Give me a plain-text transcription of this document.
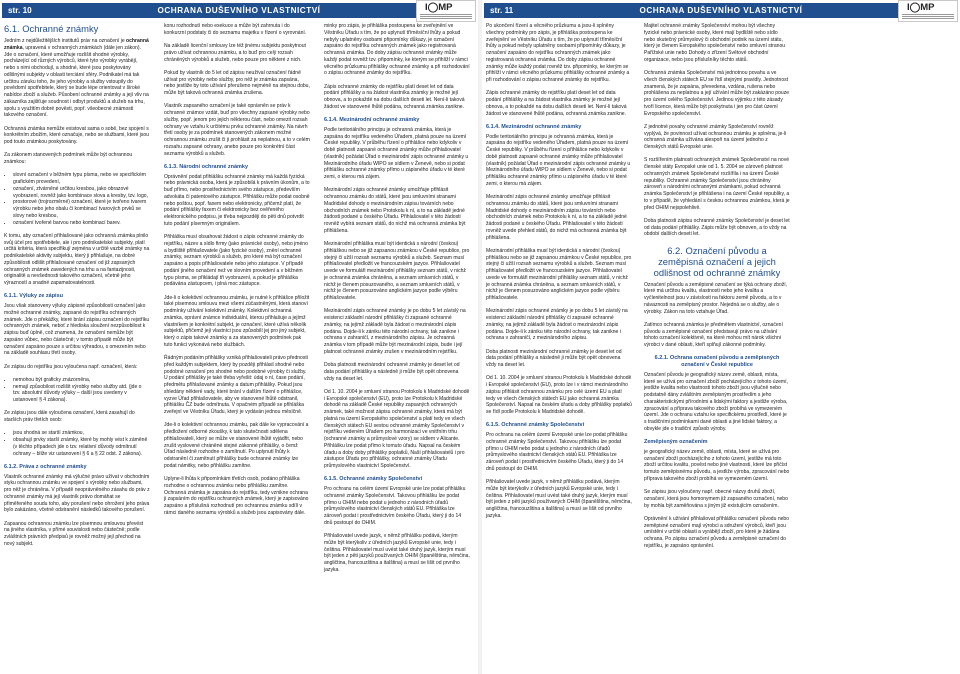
str. 10	OCHRANA DUŠEVNÍHO VLASTNICTVÍ	I◯MP
6.1. Ochranné známky

Jedním z nejdůležitějších institutů práv na označení je ochranná známka, upravená v ochranných známkách (dále jen zákon). Jde o označení, které umožňuje rozlišit shodné výrobky, pocházející od různých výrobců, které tyto výrobky vyrábějí, nebo s nimi obchodují, a shodné, které jsou poskytovány odlišnými subjekty v oblasti terciární sféry. Podnikatel má tak určitou záruku toho, že jeho výrobky a služby vstoupily do povědomí spotřebitele, který se bude lépe orientovat v široké nabídce zboží a služeb. Působení ochranné známky a její vliv na zákazníka zajišťuje soudnost i odbyt produktů a služeb na trhu, spolu s využitím dobré pověsti, popř. všeobecné známosti takového označení.

Ochranná známka nemůže existovat sama o sobě, bez spojení s konkrétním zbožím, které označuje, nebo se službami, které jsou pod touto známkou poskytovány.

Za zákonem stanovených podmínek může být ochrannou známkou:

• slovní označení v běžném typu písma, nebo ve specifickém grafickém provedení,
• označení, ztvárněné určitou kresbou, jako obrazové vyobrazení, rovněž jako kombinace slova a kresby, tzv. logo,
• prostorové (trojrozměrné) označení, které je tvořeno tvarem výrobku nebo jeho obalu či kombinací tvarových prvků se slovy nebo kresbou,
• označení tvořené barvou nebo kombinací barev.

K tomu, aby označení přihlašované jako ochranná známka plnilo svůj účel pro spotřebitele, ale i pro podnikatelské subjekty, platí určitá kritéria, která specifikují zejména v určitě vazbě známky na podnikatelské aktivity subjektu, který ji přihlašuje, na dobré způsobilosti odlišit přihlašované označení od již zapsaných ochranných známek zavedených na trhu a na fantazijnosti, originalitě a nevšednosti takového označení, včetně jeho výrazností a snadné zapamatovatelnosti.

6.1.1. Výluky ze zápisu

Jsou však stanoveny výluky zápisné způsobilosti označení jako možné ochranné známky, zapsané do rejstříku ochranných známek. Jde o překážky, které brání zápisu označení do rejstříku ochranných známek, neboť z hlediska sloužení nezpůsobilost k zápisu buď úplně, což znamená, že označení nemůže být zapsáno vůbec, nebo částečně; v tomto případě může být označení zapsáno pouze s určitou výhradou, s omezením nebo na základě souhlasu třetí osoby.

Ze zápisu do rejstříku jsou vyloučena např. označení, která:

• nemohou být graficky znázorněna,
• nemají způsobilost rozlišit výrobky nebo služby atd. (jde o tzv. absolutní důvody výluky – další jsou uvedeny v ustanovení § 4 zákona).

Ze zápisu jsou dále vyloučena označení, která zasahují do starších práv třetích osob:

• jsou shodná se starší známkou,
• obsahují prvky starší známky, které by mohly vést k záměně (v těchto případech jde o tzv. relativní důvody odmítnutí ochrany – blíže viz ustanovení § 6 a § 22 odst. 2 zákona).
6.1.2. Práva z ochranné známky

Vlastník ochranné známky má výlučné právo užívat v obchodním styku ochrannou známku ve spojení s výrobky nebo službami, pro něž je chráněna. V případě neoprávněného zásahu do práv z ochranné známky má její vlastník právo domáhat se přiměřeného soudu toho, aby porušení nebo ohrožení jeho práva bylo zakázáno, včetně odstranění následků takového porušení.

Zapsanou ochrannou známku lze písemnou smlouvou převést na jiného vlastníka, v přímé souvislosti nebo částečně; podle zvláštních právních předpisů je rovněž možný její přechod na nový subjekt.

konu rozhodnutí nebo exekuce a může být zahrnuta i do konkurzní podstaty či do seznamu majetku v řízení o vyrovnání.

Na základě licenční smlouvy lze též jinému subjektu poskytnout právo užívat ochrannou známku, a to buď pro celý rozsah chráněných výrobků a služeb, nebo pouze pro některé z nich.

Pokud by vlastník do 5 let od zápisu neužíval označení řádně užívat pro výrobky nebo služby, pro něž je známka zapsána, nebo jestliže by toto užívání přerušeno nejméně na stejnou dobu, může být taková ochranná známka zrušena.

Vlastník zapsaného označení je také oprávněn se práv k ochranné známce vzdát, buď pro všechny zapsané výrobky nebo služby, popř. jenom pro jejich některou část, nebo omezit rozsah ochrany ve vztahu k určitému prvku ochranné známky. Na návrh třetí osoby je za podmínek stanovených zákonem možné ochrannou známku zrušit či ji prohlásit za neplatnou, a to v celém rozsahu zapsané ochrany, anebo pouze pro konkrétní část seznamu výrobků a služeb.

6.1.3. Národní ochranné známky

Oprávnění podat přihlášku ochranné známky má každá fyzická nebo právnická osoba, která je způsobilá k právním úkonům, a to buď přímo, nebo prostřednictvím svého zástupce, především advokáta či patentového zástupce. Přihlášku může podat osobně nebo poštou, popř. faxem nebo elektronicky, přičemž platí, že podání přihlášky faxem či elektronicky bez ověřeného elektronického podpisu, je třeba nejpozději do pěti dnů potvrdit tuto podání písemným originálem.

Přihláška musí obsahovat žádost o zápis ochranné známky do rejstříku, název a sídlo firmy (jako právnické osoby), nebo jméno a bydliště přihlašovatele (jako fyzické osoby), znění ochranné známky, seznam výrobků a služeb, pro které má být označení zapsáno a popis přihlašovatele nebo jeho zástupce. V případě podání jiného označení než ve slovním provedení a v běžném typu písma, se přikládají tři vyobrazení, a pokud je přihláška podávána zástupcem, i plná moc zástupce.

Jde-li o kolektivní ochrannou známku, je nutné k přihlášce přiložit také písemnou smlouvu mezi všemi zúčastněnými, která stanoví podmínky užívání kolektivní známky. Kolektivní ochranná známka, oprávní známce individuální, kterou přihlašuje a jejímž vlastníkem je konkrétní subjekt, je označení, které užívá několik subjektů, přičemž její vlastníci jsou způsobilí jej pro jiný subjekt, který o zápis takové známky a za stanovených podmínek pak tuto funkci vykonává nebo službách.

Řádným podáním přihlášky vzniká přihlašovateli právo přednosti před každým subjektem, který by později přihlásil shodné nebo podobné označení pro shodné nebo podobné výrobky či služby. U podání přihlášky je také třeba vyřešit: údaj o ní, čase podání, předmětu přihlašované známky a datum přihlášky. Pokud jsou shledány některé vady, které brání v dalším řízení o přihlášce, vyzve Úřad přihlašovatele, aby ve stanovené lhůtě odstranil, přihlášku ČZ bude odmítnuta. V opačném případě se přihláška zveřejní ve Věstníku Úřadu, který je vydáván jednou měsíčně.

Jde-li o kolektivní ochrannou známku, pak dále ke vypracování a předložení odborné zkoušky, k tato skutečnosti sdělena přihlašovateli, který se může ve stanovené lhůtě vyjádřit, nebo zrušit vyslovené chráněné stejné zákonné přihlášky, o čemž Úřad následně rozhodne o zamítnutí. Po uplynutí lhůty k odstranění či zamítnutí přihlášky bude ochranné známky lze podat námitky, nebo přihlášku zamítne.

Uplyne-li lhůta k připomínkám třetích osob, podáno přihláška rozhodne o ochrannou známku nebo přihlášku zamítne. Ochranná známka je zapsána do rejstříku, tedy vznikne ochrana ji zapsáním do rejstříku ochranných známek, který je zapisováno zapsáno a příslušná rozhodnutí pro ochrannou známku sdílí v rámci daného seznamu výrobků a služeb jsou zapisovány dále.

minky pro zápis, je přihláška postoupena ke zveřejnění ve Věstníku Úřadu s tím, že po uplynutí tříměsíční lhůty a pokud nebyly uplatněny osobami připomínky důkazy, je označení zapsáno do rejstříku ochranných známek jako registrovaná ochranná známka. Do doby zápisu ochranné známky může každý podat rovněž tzv. připomínky, ke kterým se přihlíží v rámci věcného průzkumu přihlášky ochranné známky a při rozhodování o zápisu ochranné známky do rejstříku.

Zápis ochranné známky do rejstříku platí deset let od data podání přihlášky a na žádost vlastníka známky je možné její obnova, a to pokaždé na dobu dalších deseti let. Není-li taková žádost ve stanovené lhůtě podána, ochranná známka zanikne.

6.1.4. Mezinárodní ochranné známky

Podle teritoriálního principu je ochranná známka, která je zapsána do rejstříku vedeného Úřadem, platná pouze na území České republiky. V průběhu řízení o přihlášce nebo kdykoliv v době platnosti zapsané ochranné známky může přihlašovatel (vlastník) požádat Úřad o mezinárodní zápis ochranné známky u Mezinárodního úřadu WIPO se sídlem v Ženevě, nebo si podat přihlášku ochranné známky přímo u zápisného úřadu v té které zemi, o kterou má zájem.

Mezinárodní zápis ochranné známky umožňuje přihlásit ochrannou známku do států, které jsou smluvními stranami Madridské dohody o mezinárodním zápisu továrních nebo obchodních známek nebo Protokolu k ní, a to na základě jedné žádosti podané u českého Úřadu. Přihlašovatel v této žádosti rovněž vybírá seznam států, do nichž má ochranná známka být přihlášena.

Mezinárodní přihláška musí být identická s národní (českou) přihláškou nebo se již zapsanou známkou v České republice, pro stejný či užší rozsah seznamu výrobků a služeb. Seznam musí přihlašovatel předložit ve francouzském jazyce. Přihlašovatel uvede ve formuláři mezinárodní přihlášky seznam států, v nichž je ochranná známka chráněna, a seznam smluvních států, v nichž je členem posuzovaného, a seznam smluvních států, v nichž je členem posuzováno anglickém jazyce podle výběru přihlašovatele.

Mezinárodní zápis ochranné známky je po dobu 5 let závislý na existenci základní národní přihlášky či zapsané ochranné známky, na jejímž základě byla žádost o mezinárodní zápis podána. Dojde-li k zániku této národní ochrany, tak zanikne i ochrana v zahraničí, z mezinárodního zápisu. Je ochranná známka v tom případě může být mezinárodní zápis, bude i její platnost ochranné známky zrušen v mezinárodním rejstříku.

Doba platnosti mezinárodní ochranné známky je deset let od data podání přihlášky a následně ji může být opět obnovena vždy na deset let.

Od 1. 10. 2004 je smluvní stranou Protokolu k Madridské dohodě i Evropské společenství (EU), proto lze Protokolu k Madridské dohodě na základě České republiky zapsaných ochranných známek, také možnost zápisu ochranné známky, která má být platná na území Evropského společenství a platí tedy ve všech členských státech EU sestou ochranné známky Společenství v rejstříku vedeném Úřadem pro harmonizaci ve vnitřním trhu (ochranné známky a průmyslové vzory) se sídlem v Alicante. Přihlášku lze podat přímo k tomuto úřadu. Napsal na českém úřadu a doby doby přihlášky poplatků, Naší přihlašovatelů i pro zástupce Úřadu pro přihlášky, ochranné známky Úřadu průmyslového vlastnictví Společenství.

6.1.5. Ochranné známky Společenství

Pro ochranu na celém území Evropské unie lze podat přihlášku ochranné známky Společenství. Takovou přihlášku lze podat přímo u OHIM nebo podat u jednoho z národních úřadů průmyslového vlastnictví členských států EU. Přihláška lze zároveň podat i prostřednictvím českého Úřadu, který ji do 14 dnů postoupí do OHIM.

Přihlašovatel uvede jazyk, v němž přihlášku podává, kterým může být kterýkoliv z úředních jazyků Evropské unie, tedy i čeština. Přihlašovatel musí uvést také druhý jazyk, kterým musí být jeden z pěti jazyků používaných OHIM (španělština, němčina, angličtina, francouzština a italština) a musí se lišit od prvního jazyka.

str. 11	OCHRANA DUŠEVNÍHO VLASTNICTVÍ	I◯MP

Po ukončení řízení a věcného průzkumu a jsou-li splněny všechny podmínky pro zápis, je přihláška postoupena ke zveřejnění ve Věstníku Úřadu s tím, že po uplynutí tříměsíční lhůty a pokud nebyly uplatněny osobami připomínky důkazy, je označení zapsáno do rejstříku ochranných známek jako registrovaná ochranná známka. Do doby zápisu ochranné známky může každý podat rovněž tzv. připomínky, ke kterým se přihlíží v rámci věcného průzkumu přihlášky ochranné známky a při rozhodování o zápisu ochranné známky do rejstříku.

Zápis ochranné známky do rejstříku platí deset let od data podání přihlášky a na žádost vlastníka známky je možné její obnova, a to pokaždé na dobu dalších deseti let. Není-li taková žádost ve stanovené lhůtě podána, ochranná známka zanikne.

6.1.4. Mezinárodní ochranné známky

Podle teritoriálního principu je ochranná známka, která je zapsána do rejstříku vedeného Úřadem, platná pouze na území České republiky. V průběhu řízení o přihlášce nebo kdykoliv v době platnosti zapsané ochranné známky může přihlašovatel (vlastník) požádat Úřad o mezinárodní zápis ochranné známky u Mezinárodního úřadu WIPO se sídlem v Ženevě, nebo si podat přihlášku ochranné známky přímo u zápisného úřadu v té které zemi, o kterou má zájem.

Mezinárodní zápis ochranné známky umožňuje přihlásit ochrannou známku do států, které jsou smluvními stranami Madridské dohody o mezinárodním zápisu továrních nebo obchodních známek nebo Protokolu k ní, a to na základě jedné žádosti podané u českého Úřadu. Přihlašovatel v této žádosti rovněž uvede přehled států, do nichž má ochranná známka být přihlášena.

Mezinárodní přihláška musí být identická s národní (českou) přihláškou nebo se již zapsanou známkou v České republice, pro stejný či užší rozsah seznamu výrobků a služeb. Seznam musí přihlašovatel předložit ve francouzském jazyce. Přihlašovatel uvede ve formuláři mezinárodní přihlášky seznam států, v nichž je ochranná známka chráněna, a seznam smluvních států, v nichž je členem posuzováno anglickém jazyce podle výběru přihlašovatele.

Mezinárodní zápis ochranné známky je po dobu 5 let závislý na existenci základní národní přihlášky či zapsané ochranné známky, na jejímž základě byla žádost o mezinárodní zápis podána. Dojde-li k zániku této národní ochrany, tak zanikne i ochrana v zahraničí, z mezinárodního zápisu.

Doba platnosti mezinárodní ochranné známky je deset let od data podání přihlášky a následně ji může být opět obnovena vždy na deset let.

Od 1. 10. 2004 je smluvní stranou Protokolu k Madridské dohodě i Evropské společenství (EU), proto lze i v rámci mezinárodního zápisu přihlásit ochrannou známku pro celé území EU a platí tedy ve všech členských státech EU jako ochranná známka Společenství. Napsal na českém úřadu a doby přihlášky poplatků se řídí podle Protokolu k Madridské dohodě.

6.1.5. Ochranné známky Společenství

Pro ochranu na celém území Evropské unie lze podat přihlášku ochranné známky Společenství. Takovou přihlášku lze podat přímo u OHIM nebo podat u jednoho z národních úřadů průmyslového vlastnictví členských států EU. Přihláška lze zároveň podat i prostřednictvím českého Úřadu, který ji do 14 dnů postoupí do OHIM.

Přihlašovatel uvede jazyk, v němž přihlášku podává, kterým může být kterýkoliv z úředních jazyků Evropské unie, tedy i čeština. Přihlašovatel musí uvést také druhý jazyk, kterým musí být jeden z pěti jazyků používaných OHIM (španělština, němčina, angličtina, francouzština a italština) a musí se lišit od prvního jazyka.

Majitel ochranné známky Společenství mohou být všechny fyzické nebo právnické osoby, které mají bydliště nebo sídlo nebo skutečný průmyslový či obchodní podnik na území státu, který je členem Evropského společenství nebo smluvní stranou Pařížské unie nebo Dohody o zřízení Světové obchodní organizace, nebo jsou příslušníky těchto států.

Ochranná známka Společenství má jednotnou povahu a ve všech členských státech EU se řídí stejnými pravidly. Jednotnost znamená, že je zapsána, převedena, vzdána, rušena nebo prohlášena za neplatnou a její užívání může být zakázáno pouze pro území celého Společenství. Jedinou výjimku z této zásady tvoří licence, která může být poskytnuta i jen pro část území Evropského společenství.

Z jednotné povahy ochranné známky Společenství rovněž vyplývá, že povinnost užívat ochrannou známku je splněna, je-li ochranná známka užívána alespoň na území jednoho z členských států Evropské unie.

S rozšířením platnosti ochranných známek Společenství na nové členské státy Evropské unie od 1. 5. 2004 se zároveň platnost ochranných známek Společenství rozšířila i na území České republiky. Ochranné známky Společenství jsou chráněny zároveň s národními ochrannými známkami, pokud ochranná známka Společenství je přihlášena i na území České republiky, a to v případě, že vyhledání s českou ochrannou známkou, která je před OHIM nejspolehlivě.

Doba platnosti zápisu ochranné známky Společenství je deset let od data podání přihlášky. Zápis může být obnoven, a to vždy na období dalších deseti let.

6.2. Označení původu a zeměpisná označení a jejich odlišnost od ochranné známky

Označení původu a zeměpisné označení se týká ochrany zboží, které má určitou kvalitu, vlastnosti nebo jeho kvalita a vyčlenitelnost jsou v závislosti na faktoru země původu, a to v návaznosti na zeměpisný prostor. Nejedná se o služby, ale o výrobky. Zákon na toto vztahuje Úřad.

Zatímco ochranná známka je předmětem vlastnictví, označení původu a zeměpisné označení představují právo na užívání tohoto označení kolektivně, na které mohou mít nárok všichni výrobci v dané oblasti, kteří splňují zákonné podmínky.

6.2.1. Ochrana označení původu a zeměpisných označení v České republice

Označení původu je geografický název země, oblasti, místa, které se užívá pro označení zboží pocházejícího z tohoto území, jestliže kvalita nebo vlastnosti tohoto zboží jsou výlučně nebo podstatně dány zvláštním zeměpisným prostředím s jeho charakteristickými přírodními a lidskými faktory a jestliže výroba, zpracování a příprava takového zboží probíhá ve vymezeném území. Jde o ochranu vztahu ke specifickému prostředí, které je s tradičními podmínkami dané oblasti a jiné lidské faktory, a obvykle jde o tradiční způsob výroby.

Zeměpisným označením

je geografický název země, oblasti, místa, které se užívá pro označení zboží pocházejícího z tohoto území, jestliže má toto zboží určitou kvalitu, pověst nebo jiné vlastnosti, které lze přičíst tomuto zeměpisnému původu, a jestliže výroba, zpracování nebo příprava takového zboží probíhá ve vymezeném území.

Se zápisu jsou vyloučeny např. obecné názvy druhů zboží, označení, která jsou homonymem již zapsaného označení, nebo by mohla být zaměňována s jiným již existujícím označením.

Oprávnění k užívání přihlašovat přihlášku označení původu nebo zeměpisné označení mají výrobci a sdružení výrobců, kteří jsou umístěni v určité oblasti a vyrábějí zboží, pro které je žádána ochrana. Po zápisu označení původu a zeměpisné označení do rejstříku, je zapsáno oprávnění.
